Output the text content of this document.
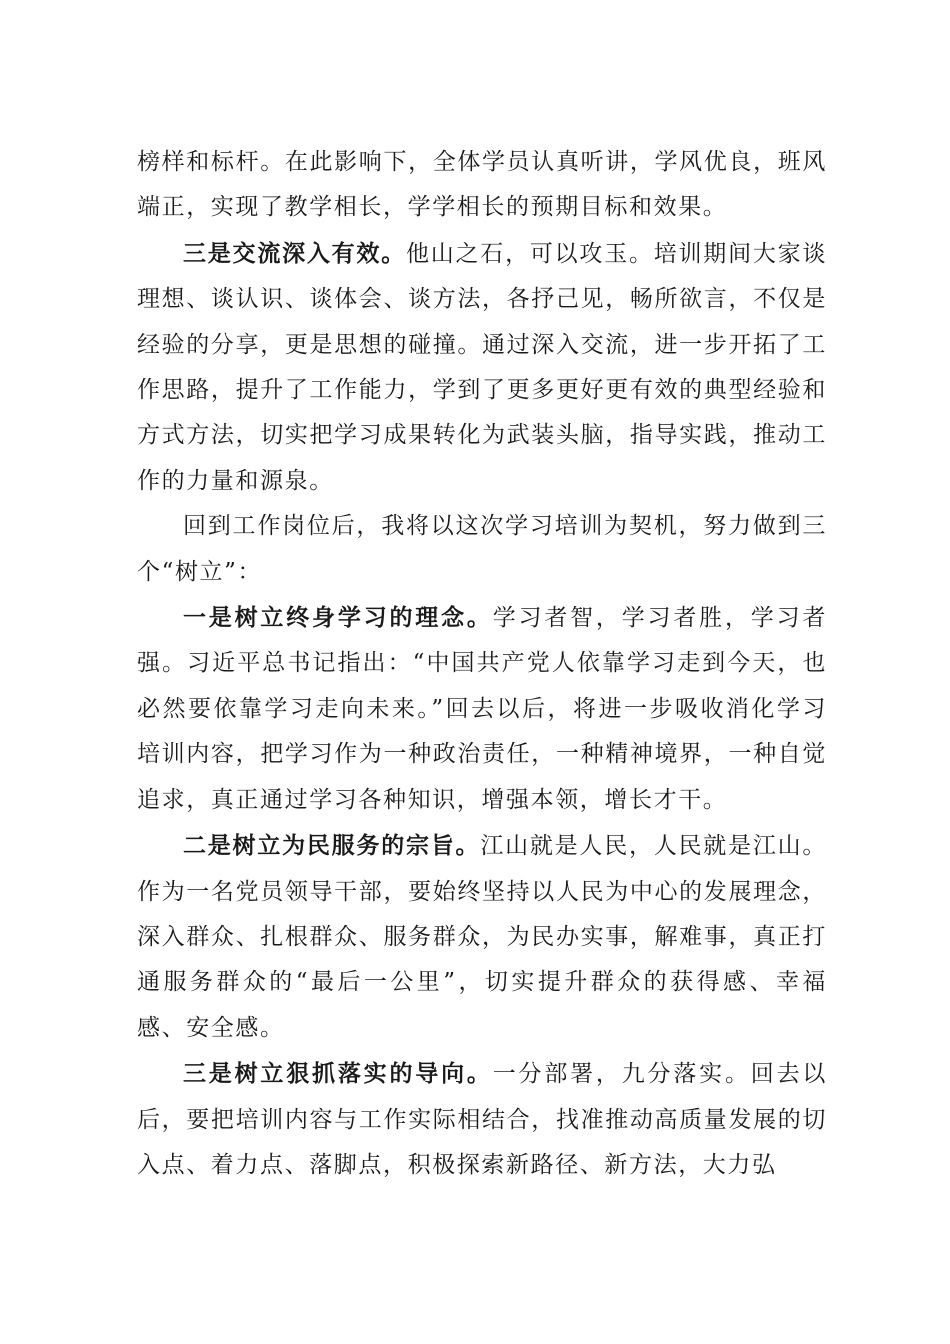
榜样和标杆。在此影响下，全体学员认真听讲，学风优良，班风端正，实现了教学相长，学学相长的预期目标和效果。

三是交流深入有效。他山之石，可以攻玉。培训期间大家谈理想、谈认识、谈体会、谈方法，各抒己见，畅所欲言，不仅是经验的分享，更是思想的碰撞。通过深入交流，进一步开拓了工作思路，提升了工作能力，学到了更多更好更有效的典型经验和方式方法，切实把学习成果转化为武装头脑，指导实践，推动工作的力量和源泉。

回到工作岗位后，我将以这次学习培训为契机，努力做到三个“树立”：

一是树立终身学习的理念。学习者智，学习者胜，学习者强。习近平总书记指出：“中国共产党人依靠学习走到今天，也必然要依靠学习走向未来。”回去以后，将进一步吸收消化学习培训内容，把学习作为一种政治责任，一种精神境界，一种自觉追求，真正通过学习各种知识，增强本领，增长才干。

二是树立为民服务的宗旨。江山就是人民，人民就是江山。作为一名党员领导干部，要始终坚持以人民为中心的发展理念，深入群众、扎根群众、服务群众，为民办实事，解难事，真正打通服务群众的“最后一公里”，切实提升群众的获得感、幸福感、安全感。

三是树立狠抓落实的导向。一分部署，九分落实。回去以后，要把培训内容与工作实际相结合，找准推动高质量发展的切入点、着力点、落脚点，积极探索新路径、新方法，大力弘
